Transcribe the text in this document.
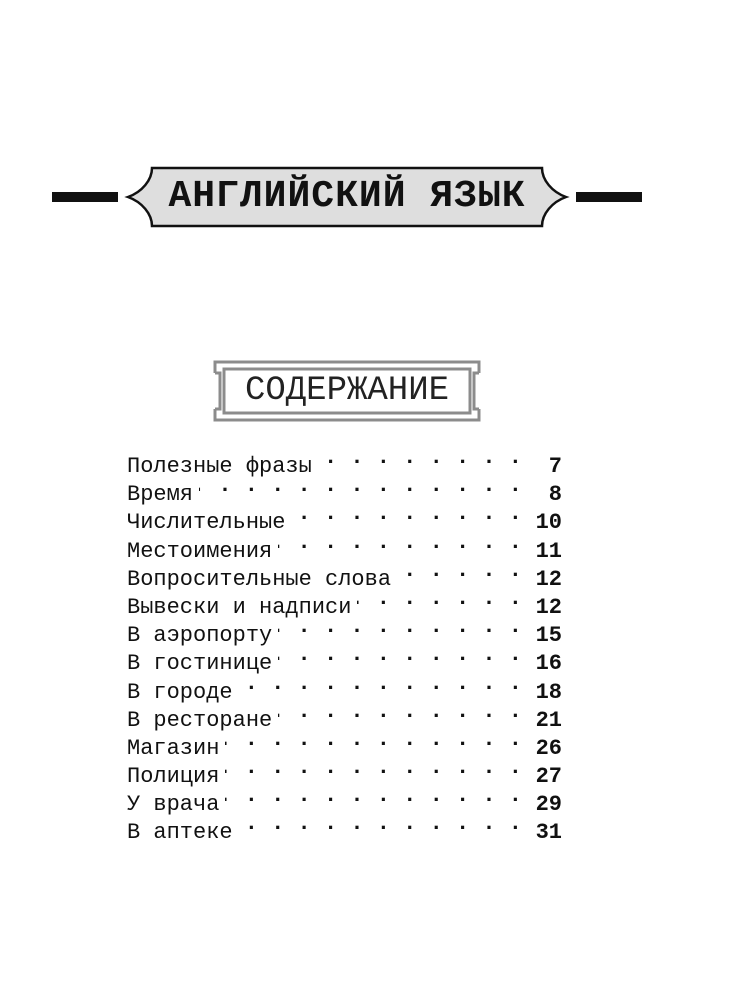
АНГЛИЙСКИЙ ЯЗЫК
СОДЕРЖАНИЕ
Полезные фразы . . .	7
Время . . .	8
Числительные . . .	10
Местоимения . . .	11
Вопросительные слова . . .	12
Вывески и надписи . . .	12
В аэропорту . . .	15
В гостинице . . .	16
В городе . . .	18
В ресторане . . .	21
Магазин . . .	26
Полиция . . .	27
У врача . . .	29
В аптеке . . .	31
